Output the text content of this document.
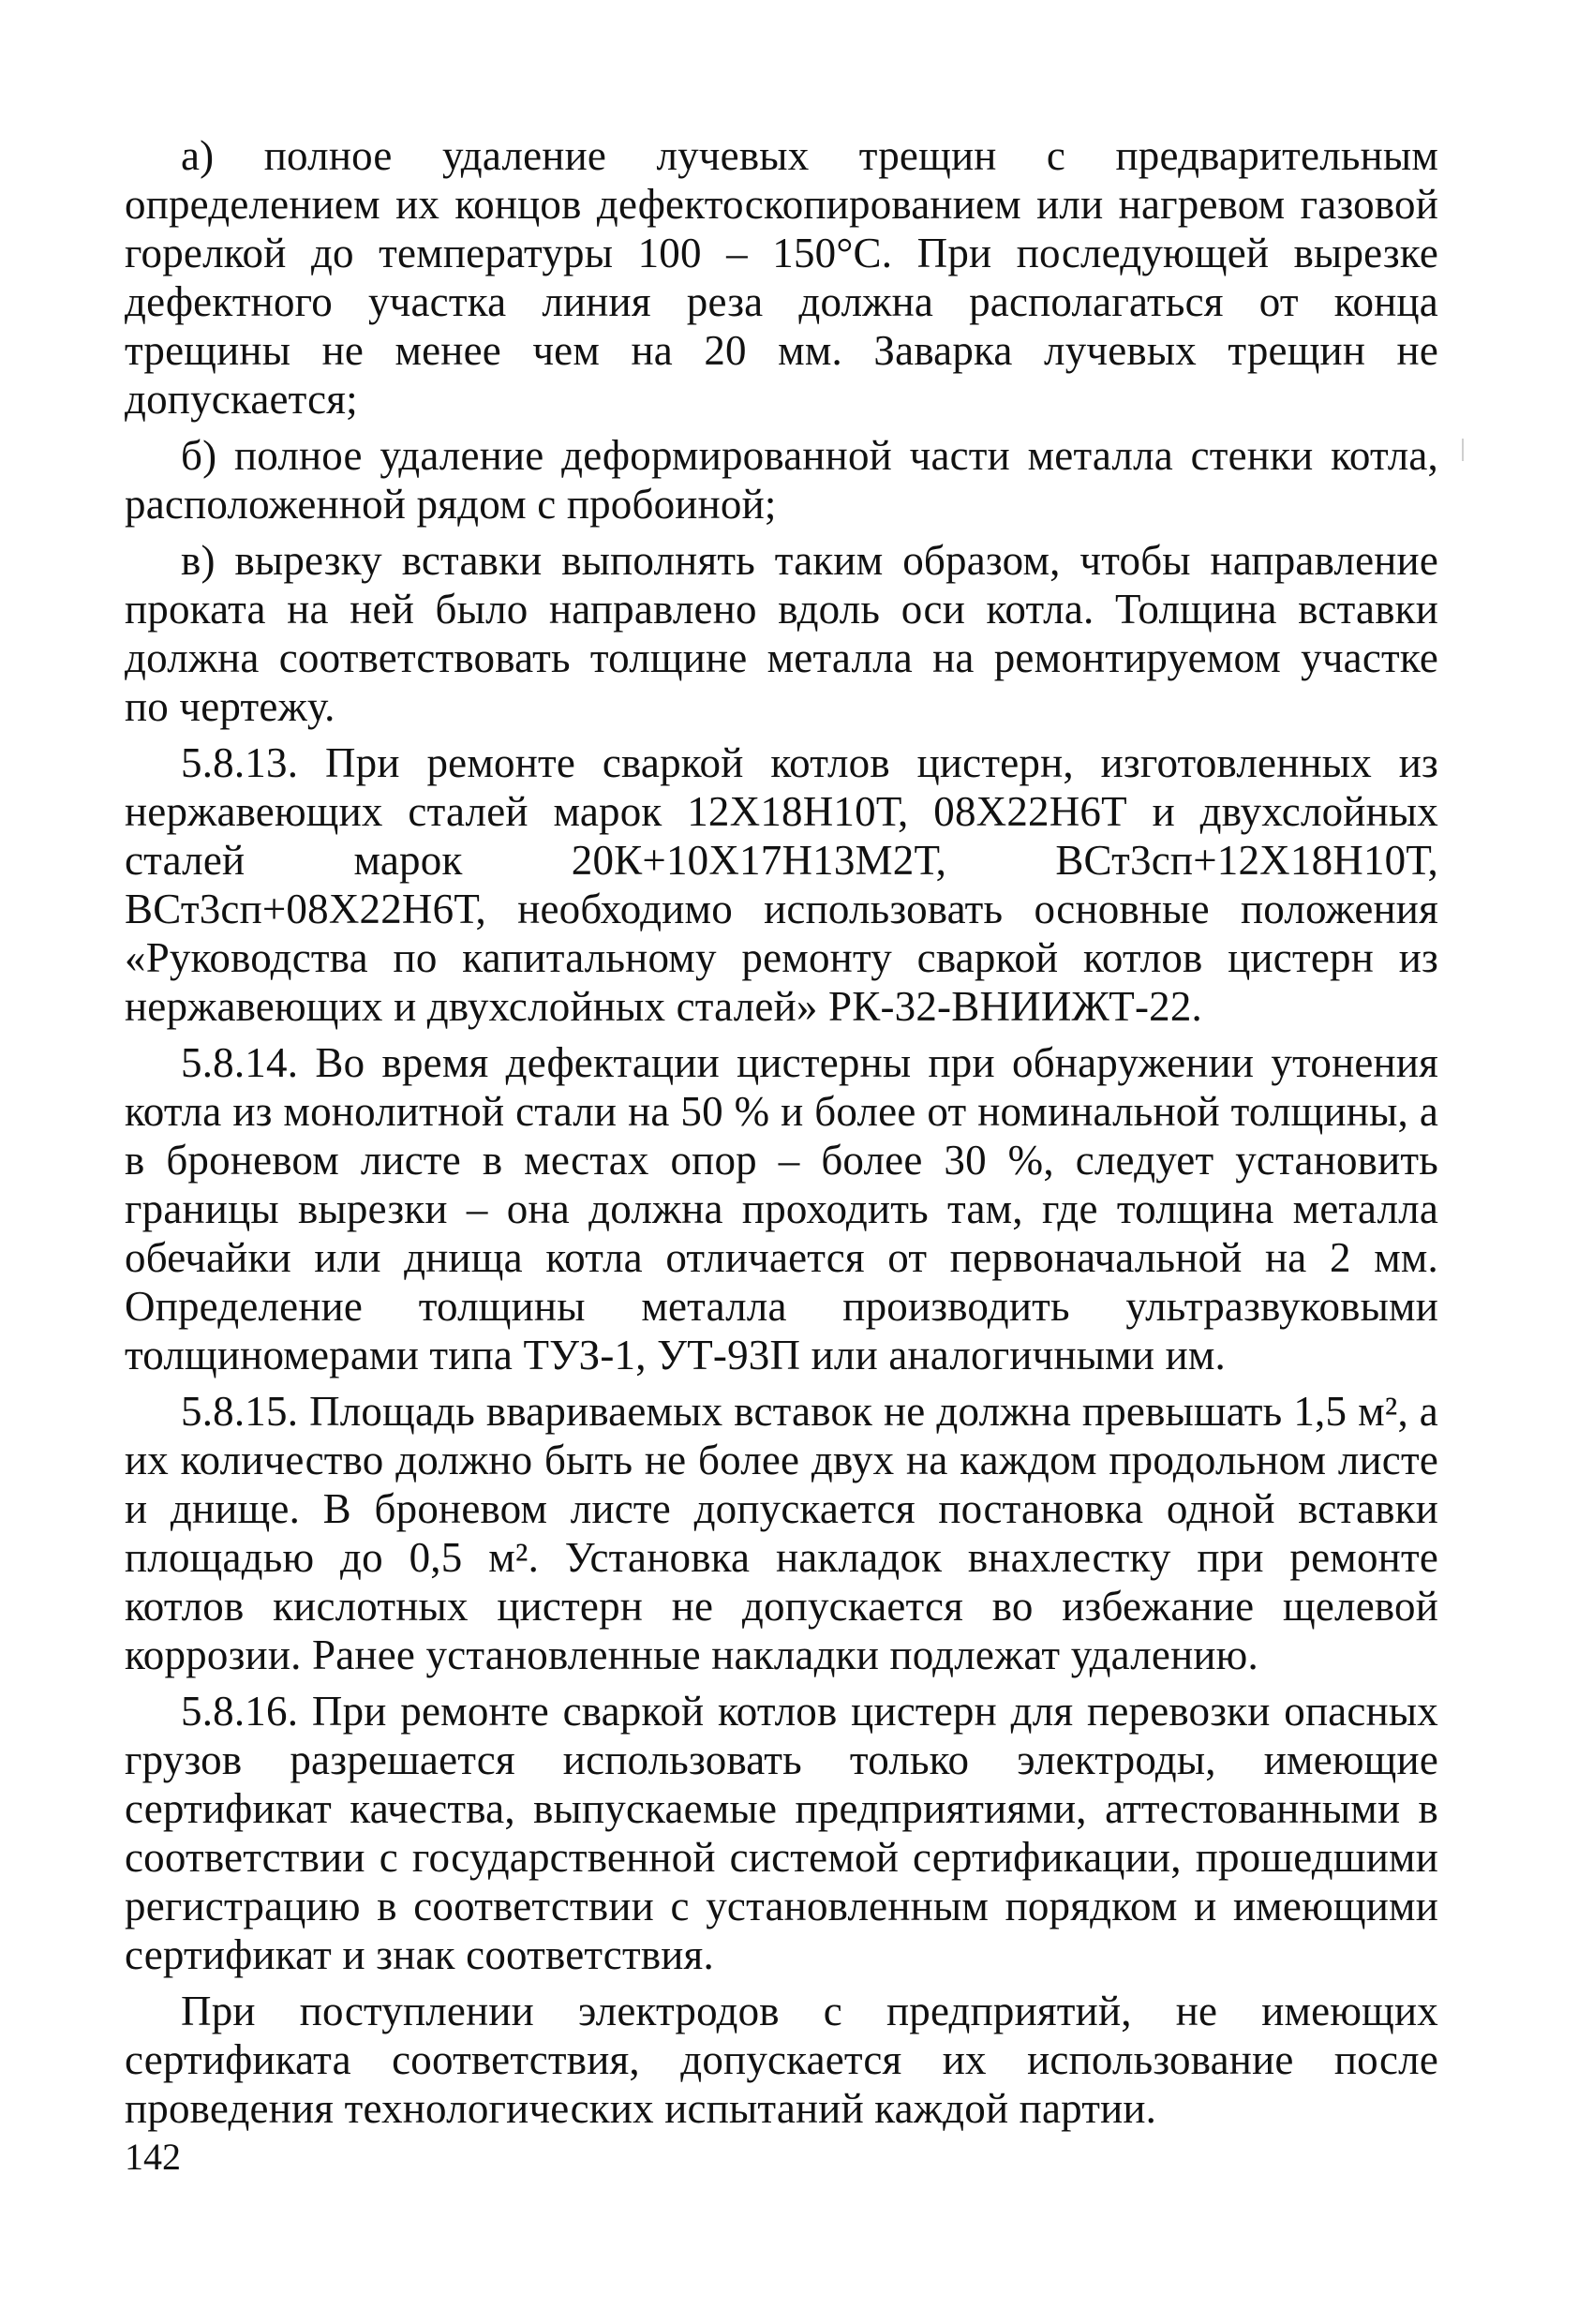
а) полное удаление лучевых трещин с предварительным определением их концов дефектоскопированием или нагревом газовой горелкой до температуры 100 – 150°С. При последующей вырезке дефектного участка линия реза должна располагаться от конца трещины не менее чем на 20 мм. Заварка лучевых трещин не допускается;

б) полное удаление деформированной части металла стенки котла, расположенной рядом с пробоиной;

в) вырезку вставки выполнять таким образом, чтобы направление проката на ней было направлено вдоль оси котла. Толщина вставки должна соответствовать толщине металла на ремонтируемом участке по чертежу.

5.8.13. При ремонте сваркой котлов цистерн, изготовленных из нержавеющих сталей марок 12Х18Н10Т, 08Х22Н6Т и двухслойных сталей марок 20К+10Х17Н13М2Т, ВСт3сп+12Х18Н10Т, ВСт3сп+08Х22Н6Т, необходимо использовать основные положения «Руководства по капитальному ремонту сваркой котлов цистерн из нержавеющих и двухслойных сталей» РК-32-ВНИИЖТ-22.

5.8.14. Во время дефектации цистерны при обнаружении утонения котла из монолитной стали на 50 % и более от номинальной толщины, а в броневом листе в местах опор – более 30 %, следует установить границы вырезки – она должна проходить там, где толщина металла обечайки или днища котла отличается от первоначальной на 2 мм. Определение толщины металла производить ультразвуковыми толщиномерами типа ТУЗ-1, УТ-93П или аналогичными им.

5.8.15. Площадь ввариваемых вставок не должна превышать 1,5 м², а их количество должно быть не более двух на каждом продольном листе и днище. В броневом листе допускается постановка одной вставки площадью до 0,5 м². Установка накладок внахлестку при ремонте котлов кислотных цистерн не допускается во избежание щелевой коррозии. Ранее установленные накладки подлежат удалению.

5.8.16. При ремонте сваркой котлов цистерн для перевозки опасных грузов разрешается использовать только электроды, имеющие сертификат качества, выпускаемые предприятиями, аттестованными в соответствии с государственной системой сертификации, прошедшими регистрацию в соответствии с установленным порядком и имеющими сертификат и знак соответствия.

При поступлении электродов с предприятий, не имеющих сертификата соответствия, допускается их использование после проведения технологических испытаний каждой партии.

142
